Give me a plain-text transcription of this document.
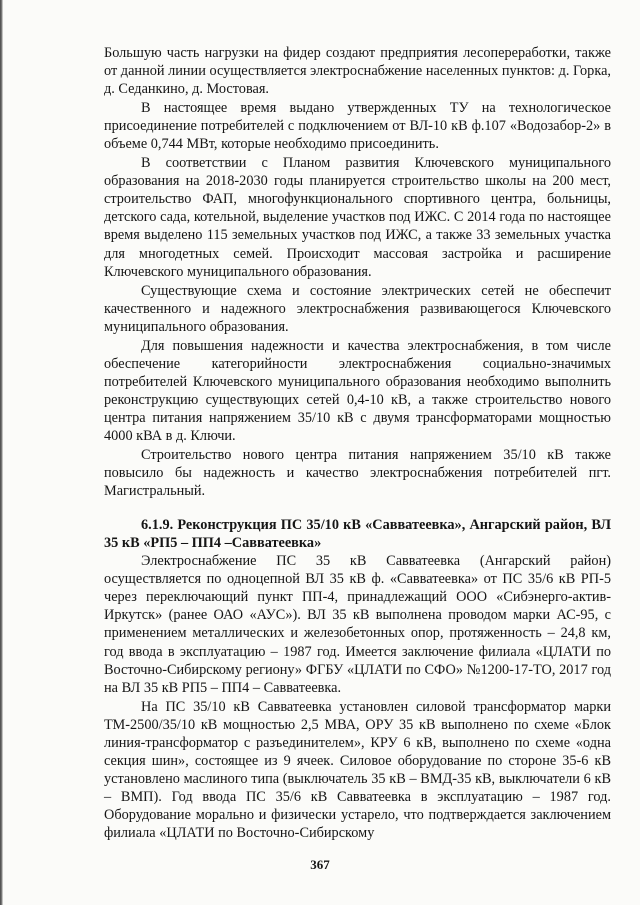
Большую часть нагрузки на фидер создают предприятия лесопереработки, также от данной линии осуществляется электроснабжение населенных пунктов: д. Горка, д. Седанкино, д. Мостовая.

В настоящее время выдано утвержденных ТУ на технологическое присоединение потребителей с подключением от ВЛ-10 кВ ф.107 «Водозабор-2» в объеме 0,744 МВт, которые необходимо присоединить.

В соответствии с Планом развития Ключевского муниципального образования на 2018-2030 годы планируется строительство школы на 200 мест, строительство ФАП, многофункционального спортивного центра, больницы, детского сада, котельной, выделение участков под ИЖС. С 2014 года по настоящее время выделено 115 земельных участков под ИЖС, а также 33 земельных участка для многодетных семей. Происходит массовая застройка и расширение Ключевского муниципального образования.

Существующие схема и состояние электрических сетей не обеспечит качественного и надежного электроснабжения развивающегося Ключевского муниципального образования.

Для повышения надежности и качества электроснабжения, в том числе обеспечение категорийности электроснабжения социально-значимых потребителей Ключевского муниципального образования необходимо выполнить реконструкцию существующих сетей 0,4-10 кВ, а также строительство нового центра питания напряжением 35/10 кВ с двумя трансформаторами мощностью 4000 кВА в д. Ключи.

Строительство нового центра питания напряжением 35/10 кВ также повысило бы надежность и качество электроснабжения потребителей пгт. Магистральный.

6.1.9. Реконструкция ПС 35/10 кВ «Савватеевка», Ангарский район, ВЛ 35 кВ «РП5 – ПП4 –Савватеевка»

Электроснабжение ПС 35 кВ Савватеевка (Ангарский район) осуществляется по одноцепной ВЛ 35 кВ ф. «Савватеевка» от ПС 35/6 кВ РП-5 через переключающий пункт ПП-4, принадлежащий ООО «Сибэнерго-актив-Иркутск» (ранее ОАО «АУС»). ВЛ 35 кВ выполнена проводом марки АС-95, с применением металлических и железобетонных опор, протяженность – 24,8 км, год ввода в эксплуатацию – 1987 год. Имеется заключение филиала «ЦЛАТИ по Восточно-Сибирскому региону» ФГБУ «ЦЛАТИ по СФО» №1200-17-ТО, 2017 год на ВЛ 35 кВ РП5 – ПП4 – Савватеевка.

На ПС 35/10 кВ Савватеевка установлен силовой трансформатор марки ТМ-2500/35/10 кВ мощностью 2,5 МВА, ОРУ 35 кВ выполнено по схеме «Блок линия-трансформатор с разъединителем», КРУ 6 кВ, выполнено по схеме «одна секция шин», состоящее из 9 ячеек. Силовое оборудование по стороне 35-6 кВ установлено маслиного типа (выключатель 35 кВ – ВМД-35 кВ, выключатели 6 кВ – ВМП). Год ввода ПС 35/6 кВ Савватеевка в эксплуатацию – 1987 год. Оборудование морально и физически устарело, что подтверждается заключением филиала «ЦЛАТИ по Восточно-Сибирскому

367
